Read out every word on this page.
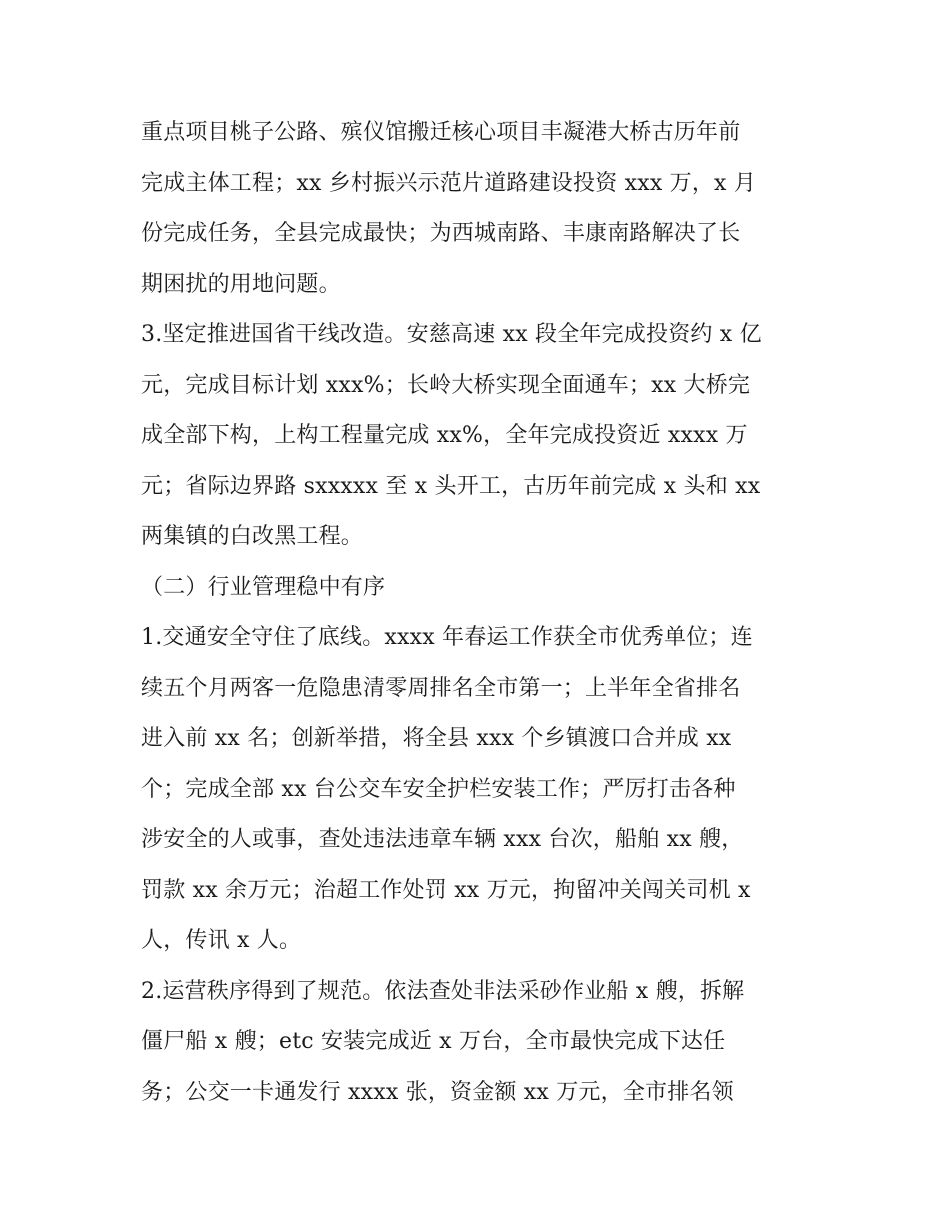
重点项目桃子公路、殡仪馆搬迁核心项目丰凝港大桥古历年前
完成主体工程；xx 乡村振兴示范片道路建设投资 xxx 万，x 月
份完成任务，全县完成最快；为西城南路、丰康南路解决了长
期困扰的用地问题。
3.坚定推进国省干线改造。安慈高速 xx 段全年完成投资约 x 亿
元，完成目标计划 xxx%；长岭大桥实现全面通车；xx 大桥完
成全部下构，上构工程量完成 xx%，全年完成投资近 xxxx 万
元；省际边界路 sxxxxx 至 x 头开工，古历年前完成 x 头和 xx
两集镇的白改黑工程。
（二）行业管理稳中有序
1.交通安全守住了底线。xxxx 年春运工作获全市优秀单位；连
续五个月两客一危隐患清零周排名全市第一；上半年全省排名
进入前 xx 名；创新举措，将全县 xxx 个乡镇渡口合并成 xx
个；完成全部 xx 台公交车安全护栏安装工作；严厉打击各种
涉安全的人或事，查处违法违章车辆 xxx 台次，船舶 xx 艘，
罚款 xx 余万元；治超工作处罚 xx 万元，拘留冲关闯关司机 x
人，传讯 x 人。
2.运营秩序得到了规范。依法查处非法采砂作业船 x 艘，拆解
僵尸船 x 艘；etc 安装完成近 x 万台，全市最快完成下达任
务；公交一卡通发行 xxxx 张，资金额 xx 万元，全市排名领
